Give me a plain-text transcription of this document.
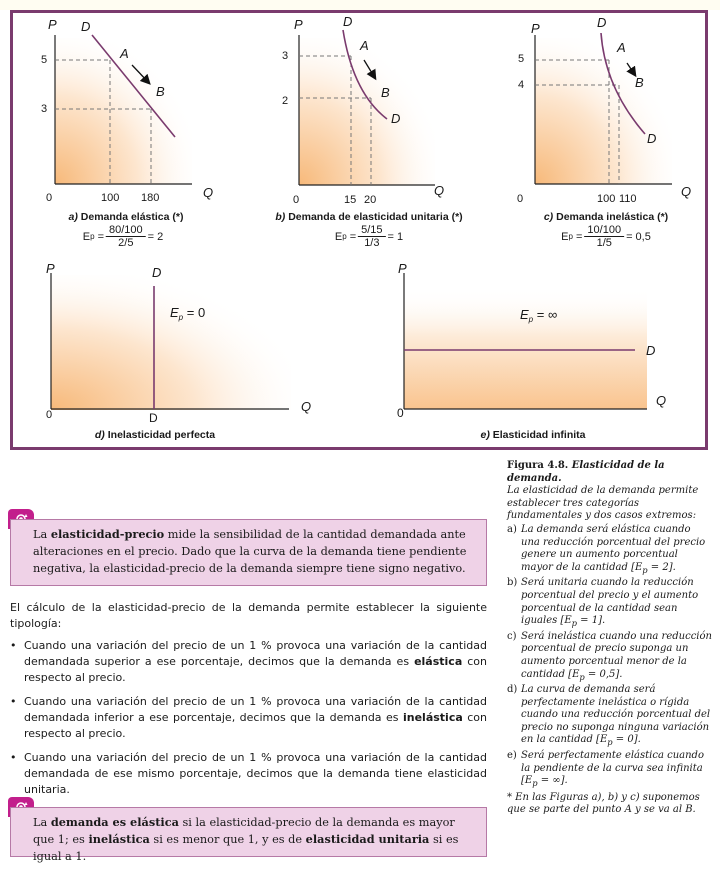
P D
A
B
5
3
0	100 180	Q
a) Demanda elástica (*)
E $p = \frac{80/100}{2/5} = 2$
P	D
A
B
D
3
2
0	15 20
Q
b) Demanda de elasticidad unitaria (*)
E $p = \frac{5/15}{1/3} = 1$
P	D
A
B
D
5
4
0	100 110	Q
c) Demanda inelástica (*)
E $p = \frac{10/100}{1/5} = 0,5$
P	D
$E_p = 0$
0	D
Q
d) Inelasticidad perfecta
P
$E_p$ = ∞
D
0
Q
e) Elasticidad infinita
Figura 4.8. Elasticidad de la demanda.
La elasticidad de la demanda permite establecer tres categorías fundamentales y dos casos extremos:
a) La demanda será elástica cuando una reducción porcentual del precio genere un aumento porcentual mayor de la cantidad $[E_p = 2]$.
b) Será unitaria cuando la reducción porcentual del precio y el aumento porcentual de la cantidad sean iguales $[E_p = 1]$.
c) Será inelástica cuando una reducción porcentual de precio suponga un aumento porcentual menor de la cantidad $[E_p = 0,5]$.
d) La curva de demanda será perfectamente inelástica o rígida cuando una reducción porcentual del precio no suponga ninguna variación en la cantidad $[E_p = 0]$.
e) Será perfectamente elástica cuando la pendiente de la curva sea infinita [$E_p$ = ∞].
* En las Figuras a), b) y c) suponemos que se parte del punto A y se va al B.
La elasticidad-precio mide la sensibilidad de la cantidad demandada ante alteraciones en el precio. Dado que la curva de la demanda tiene pendiente negativa, la elasticidad-precio de la demanda siempre tiene signo negativo.

El cálculo de la elasticidad-precio de la demanda permite establecer la siguiente tipología:

• Cuando una variación del precio de un 1 % provoca una variación de la cantidad demandada superior a ese porcentaje, decimos que la demanda es elástica con respecto al precio.
• Cuando una variación del precio de un 1 % provoca una variación de la cantidad demandada inferior a ese porcentaje, decimos que la demanda es inelástica con respecto al precio.
• Cuando una variación del precio de un 1 % provoca una variación de la cantidad demandada de ese mismo porcentaje, decimos que la demanda tiene elasticidad unitaria.
La demanda es elástica si la elasticidad-precio de la demanda es mayor que 1; es inelástica si es menor que 1, y es de elasticidad unitaria si es igual a 1.
